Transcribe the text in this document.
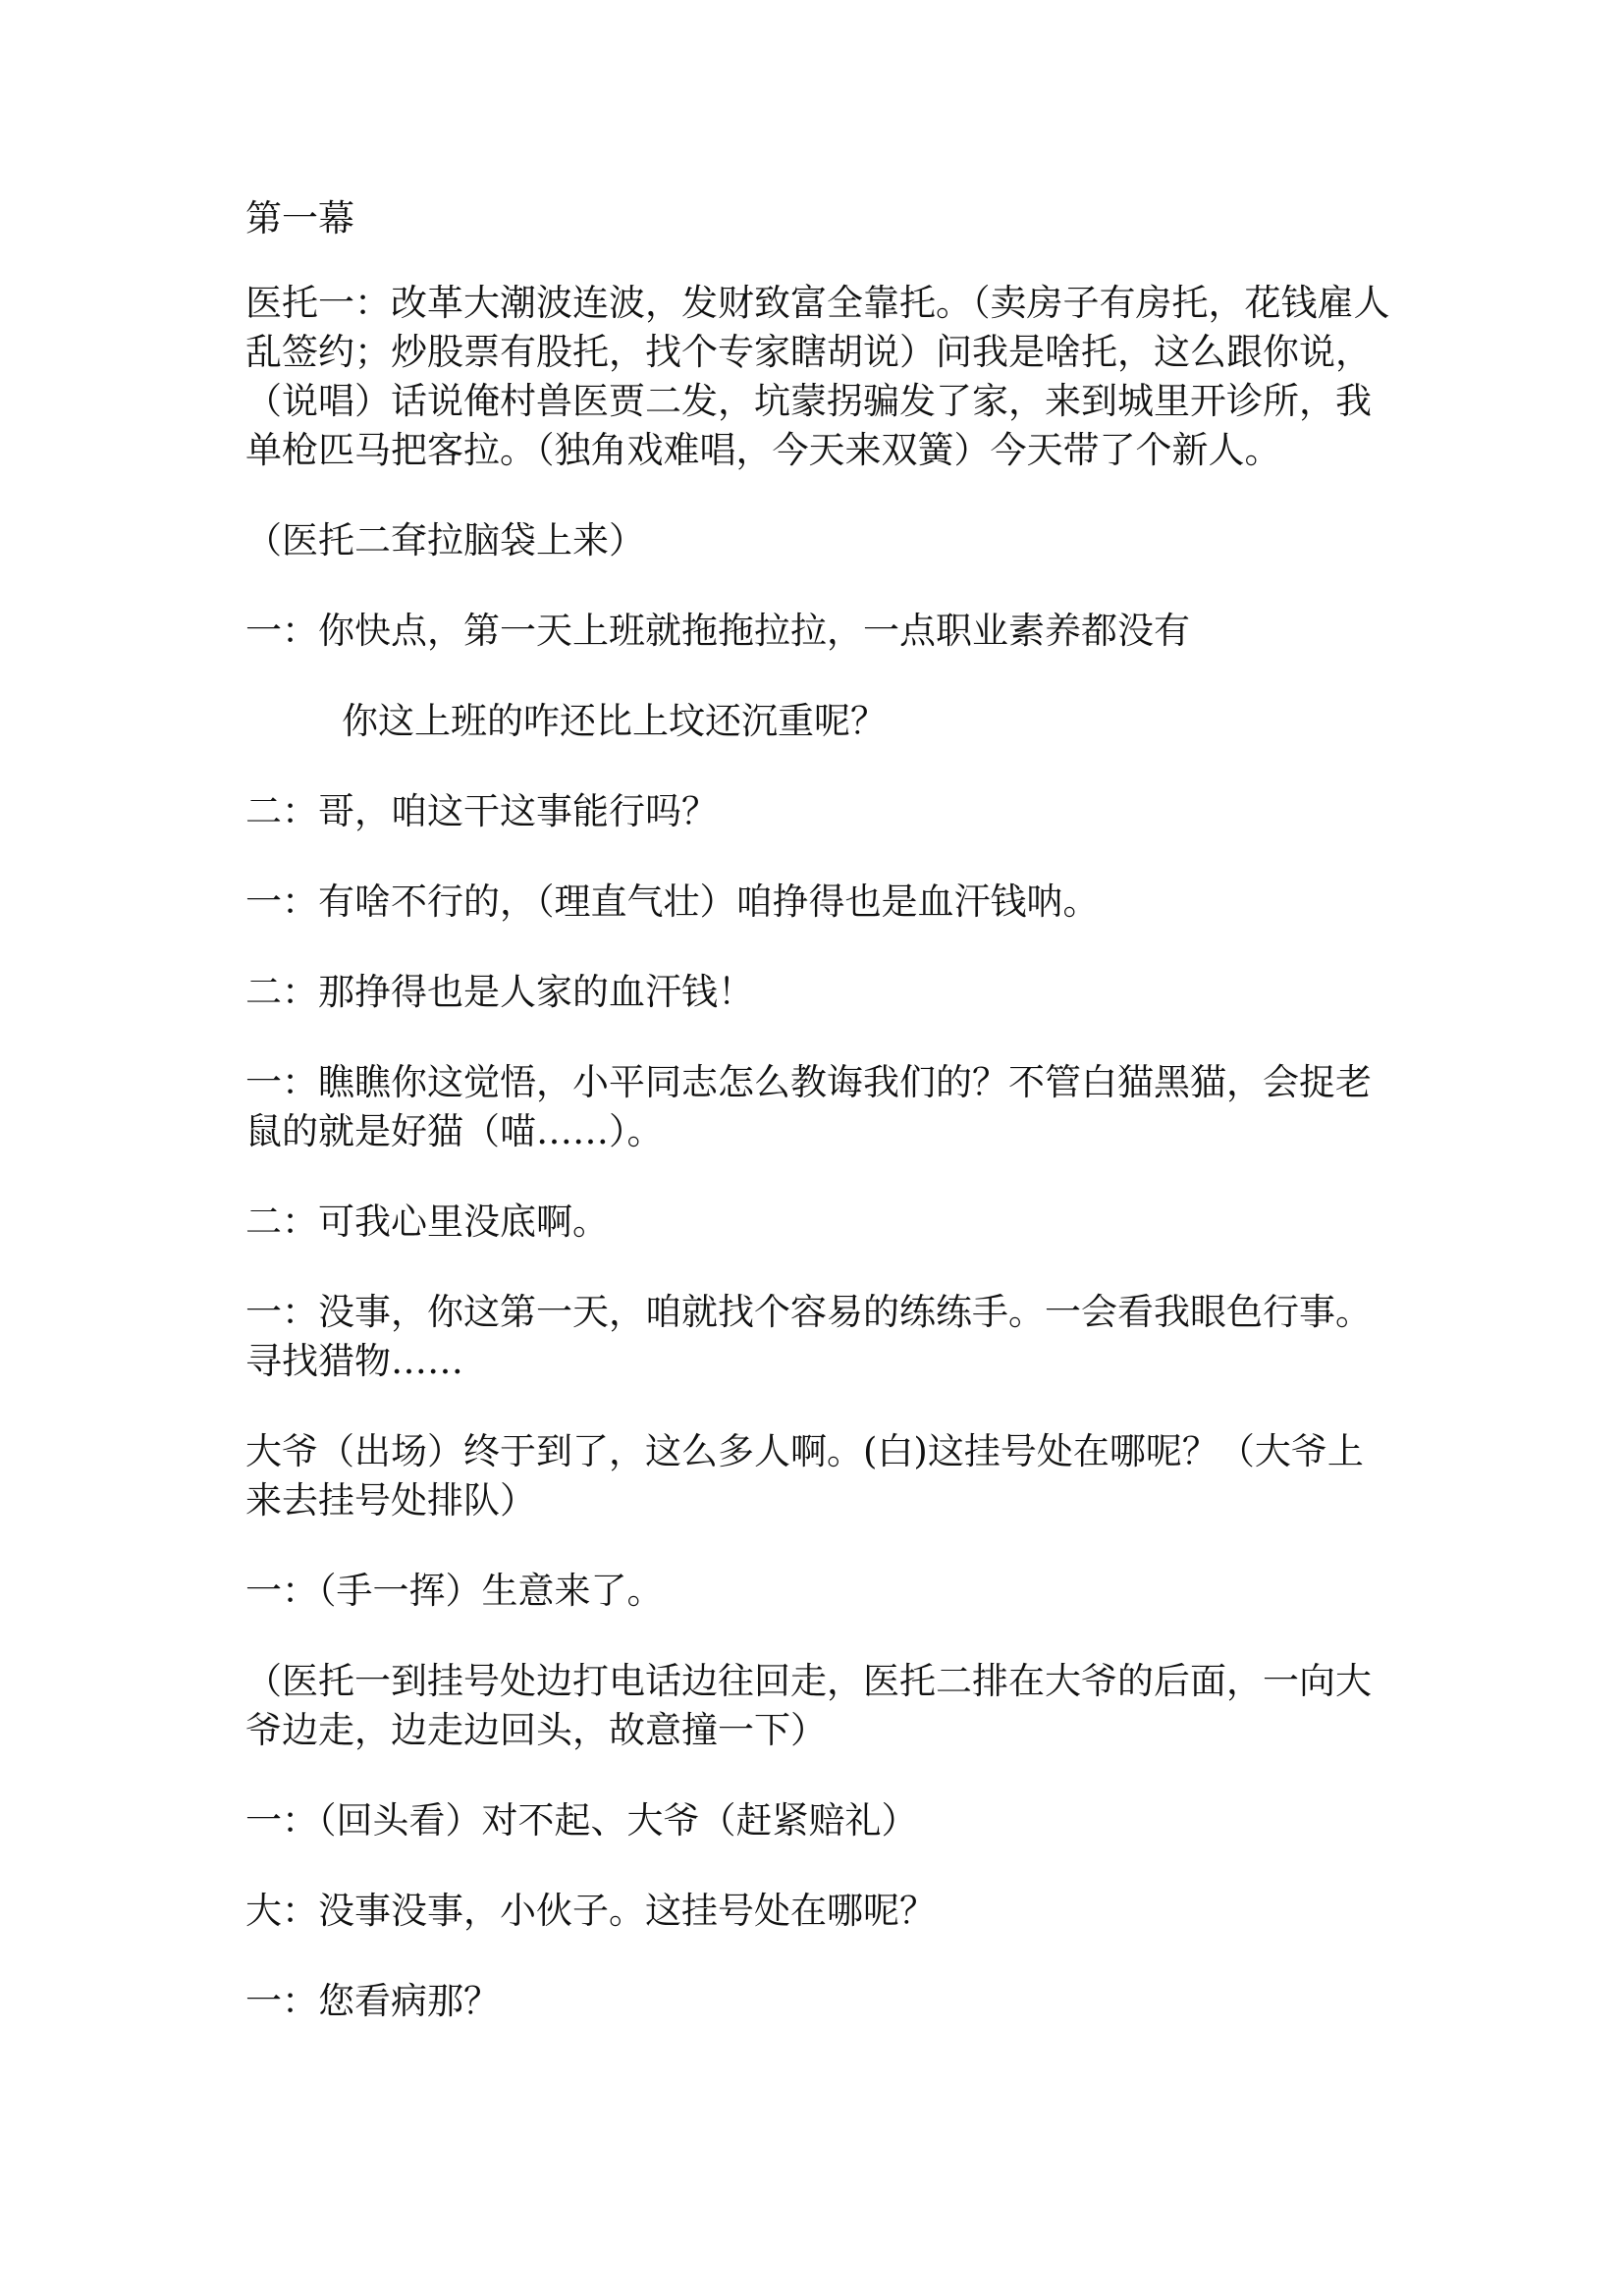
第一幕

医托一：改革大潮波连波，发财致富全靠托。（卖房子有房托，花钱雇人乱签约；炒股票有股托，找个专家瞎胡说）问我是啥托，这么跟你说，（说唱）话说俺村兽医贾二发，坑蒙拐骗发了家，来到城里开诊所，我单枪匹马把客拉。（独角戏难唱，今天来双簧）今天带了个新人。

（医托二耷拉脑袋上来）

一：你快点，第一天上班就拖拖拉拉，一点职业素养都没有

你这上班的咋还比上坟还沉重呢？

二：哥，咱这干这事能行吗？

一：有啥不行的，（理直气壮）咱挣得也是血汗钱呐。

二：那挣得也是人家的血汗钱！

一：瞧瞧你这觉悟，小平同志怎么教诲我们的？不管白猫黑猫，会捉老鼠的就是好猫（喵……）。

二：可我心里没底啊。

一：没事，你这第一天，咱就找个容易的练练手。一会看我眼色行事。寻找猎物……

大爷（出场）终于到了，这么多人啊。(白)这挂号处在哪呢？（大爷上来去挂号处排队）

一：（手一挥）生意来了。

（医托一到挂号处边打电话边往回走，医托二排在大爷的后面，一向大爷边走，边走边回头，故意撞一下）

一：（回头看）对不起、大爷（赶紧赔礼）

大：没事没事，小伙子。这挂号处在哪呢？

一：您看病那？
